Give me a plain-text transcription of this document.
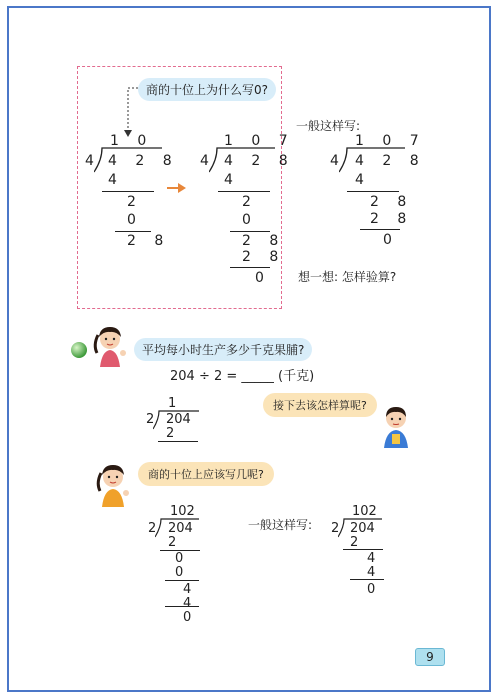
商的十位上为什么写0?
1 0
4 4 2 8
4
2
0
2 8
1 0 7
4 4 2 8
4
2
0
2 8
2 8
0
一般这样写:
1 0 7
4 4 2 8
4
2 8
2 8
0
想一想: 怎样验算?
平均每小时生产多少千克果脯?
204 ÷ 2 = _____ (千克)
1
2 204
2
接下去该怎样算呢?
商的十位上应该写几呢?
102
2 204
2
0
0
4
4
0
一般这样写:
102
2 204
2
4
4
0
9
